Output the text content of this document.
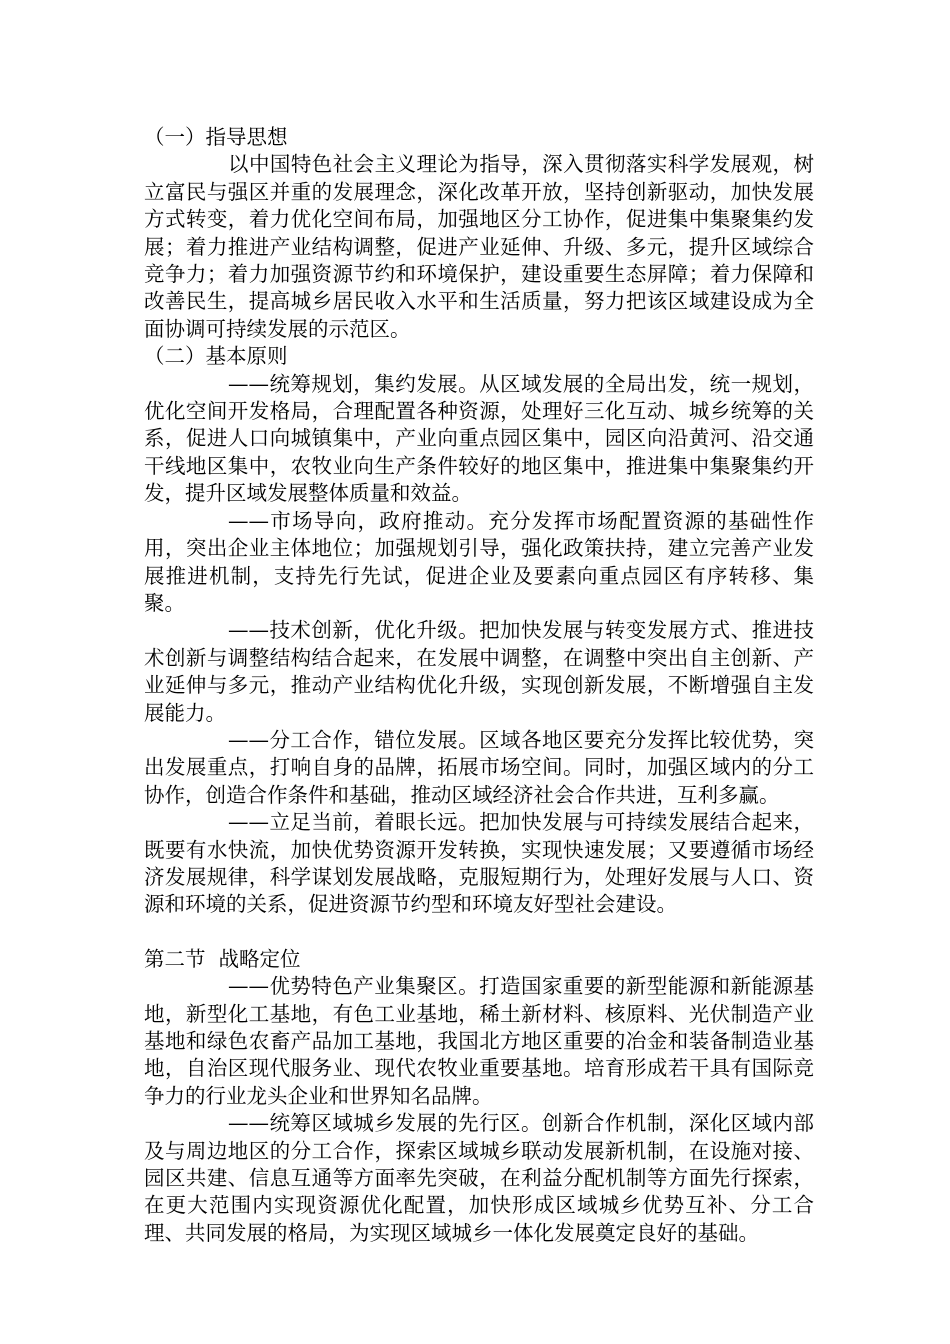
（一）指导思想

以中国特色社会主义理论为指导，深入贯彻落实科学发展观，树立富民与强区并重的发展理念，深化改革开放，坚持创新驱动，加快发展方式转变，着力优化空间布局，加强地区分工协作，促进集中集聚集约发展；着力推进产业结构调整，促进产业延伸、升级、多元，提升区域综合竞争力；着力加强资源节约和环境保护，建设重要生态屏障；着力保障和改善民生，提高城乡居民收入水平和生活质量，努力把该区域建设成为全面协调可持续发展的示范区。

（二）基本原则

——统筹规划，集约发展。从区域发展的全局出发，统一规划， 优化空间开发格局，合理配置各种资源，处理好三化互动、城乡统筹的关系，促进人口向城镇集中，产业向重点园区集中，园区向沿黄河、沿交通干线地区集中，农牧业向生产条件较好的地区集中，推进集中集聚集约开发，提升区域发展整体质量和效益。

——市场导向，政府推动。充分发挥市场配置资源的基础性作用，突出企业主体地位；加强规划引导，强化政策扶持，建立完善产业发展推进机制，支持先行先试，促进企业及要素向重点园区有序转移、集聚。

——技术创新，优化升级。把加快发展与转变发展方式、推进技术创新与调整结构结合起来，在发展中调整，在调整中突出自主创新、产业延伸与多元，推动产业结构优化升级，实现创新发展，不断增强自主发展能力。

——分工合作，错位发展。区域各地区要充分发挥比较优势，突出发展重点，打响自身的品牌，拓展市场空间。同时，加强区域内的分工协作，创造合作条件和基础，推动区域经济社会合作共进，互利多赢。

——立足当前，着眼长远。把加快发展与可持续发展结合起来，既要有水快流，加快优势资源开发转换，实现快速发展；又要遵循市场经济发展规律，科学谋划发展战略，克服短期行为，处理好发展与人口、资源和环境的关系，促进资源节约型和环境友好型社会建设。

第二节  战略定位

——优势特色产业集聚区。打造国家重要的新型能源和新能源基地，新型化工基地，有色工业基地，稀土新材料、核原料、光伏制造产业基地和绿色农畜产品加工基地，我国北方地区重要的冶金和装备制造业基地，自治区现代服务业、现代农牧业重要基地。培育形成若干具有国际竞争力的行业龙头企业和世界知名品牌。

——统筹区域城乡发展的先行区。创新合作机制，深化区域内部及与周边地区的分工合作，探索区域城乡联动发展新机制，在设施对接、园区共建、信息互通等方面率先突破，在利益分配机制等方面先行探索，在更大范围内实现资源优化配置，加快形成区域城乡优势互补、分工合理、共同发展的格局，为实现区域城乡一体化发展奠定良好的基础。
